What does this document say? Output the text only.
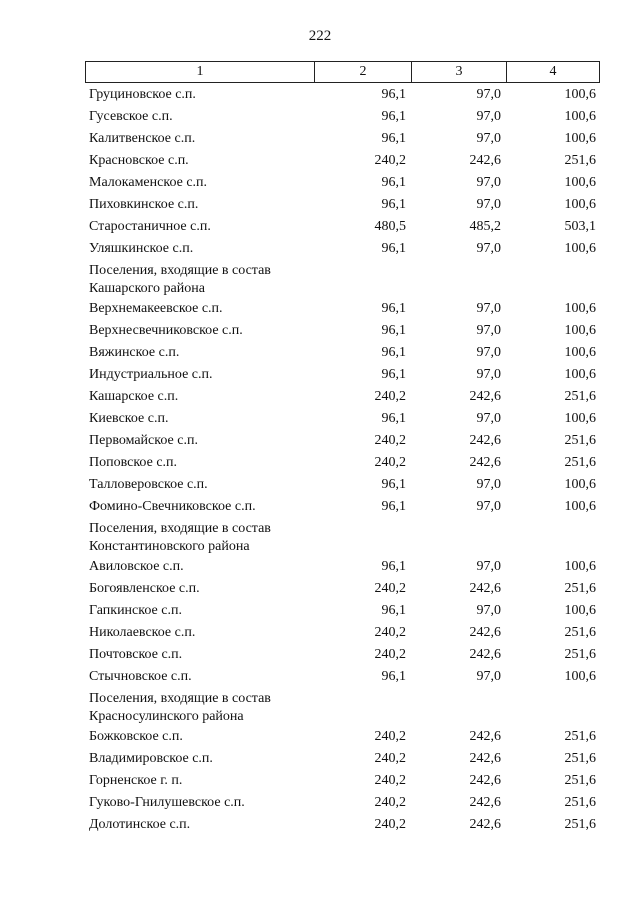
222
1	2	3	4
Груциновское с.п.	96,1	97,0	100,6
Гусевское с.п.	96,1	97,0	100,6
Калитвенское с.п.	96,1	97,0	100,6
Красновское с.п.	240,2	242,6	251,6
Малокаменское с.п.	96,1	97,0	100,6
Пиховкинское с.п.	96,1	97,0	100,6
Старостаничное с.п.	480,5	485,2	503,1
Уляшкинское с.п.	96,1	97,0	100,6
Поселения, входящие в состав Кашарского района
Верхнемакеевское с.п.	96,1	97,0	100,6
Верхнесвечниковское с.п.	96,1	97,0	100,6
Вяжинское с.п.	96,1	97,0	100,6
Индустриальное с.п.	96,1	97,0	100,6
Кашарское с.п.	240,2	242,6	251,6
Киевское с.п.	96,1	97,0	100,6
Первомайское с.п.	240,2	242,6	251,6
Поповское с.п.	240,2	242,6	251,6
Талловеровское с.п.	96,1	97,0	100,6
Фомино-Свечниковское с.п.	96,1	97,0	100,6
Поселения, входящие в состав Константиновского района
Авиловское с.п.	96,1	97,0	100,6
Богоявленское с.п.	240,2	242,6	251,6
Гапкинское с.п.	96,1	97,0	100,6
Николаевское с.п.	240,2	242,6	251,6
Почтовское с.п.	240,2	242,6	251,6
Стычновское с.п.	96,1	97,0	100,6
Поселения, входящие в состав Красносулинского района
Божковское с.п.	240,2	242,6	251,6
Владимировское с.п.	240,2	242,6	251,6
Горненское г. п.	240,2	242,6	251,6
Гуково-Гнилушевское с.п.	240,2	242,6	251,6
Долотинское с.п.	240,2	242,6	251,6
